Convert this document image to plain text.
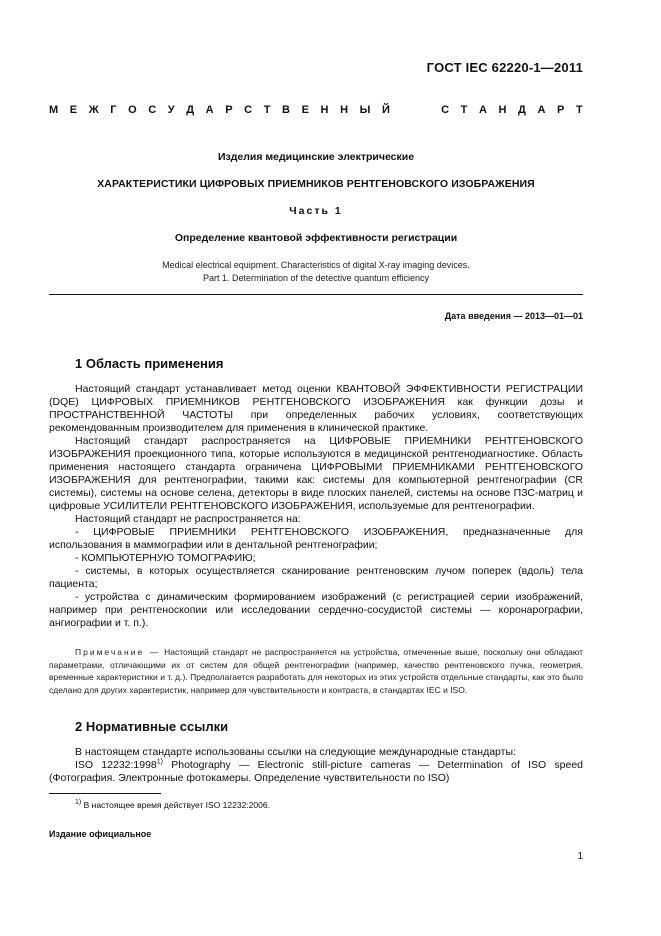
ГОСТ IEC 62220-1—2011
М Е Ж Г О С У Д А Р С Т В Е Н Н Ы Й	С Т А Н Д А Р Т
Изделия медицинские электрические
ХАРАКТЕРИСТИКИ ЦИФРОВЫХ ПРИЕМНИКОВ РЕНТГЕНОВСКОГО ИЗОБРАЖЕНИЯ
Часть 1
Определение квантовой эффективности регистрации
Medical electrical equipment. Characteristics of digital X-ray imaging devices.
Part 1. Determination of the detective quantum efficiency
Дата введения — 2013—01—01
1 Область применения

Настоящий стандарт устанавливает метод оценки КВАНТОВОЙ ЭФФЕКТИВНОСТИ РЕГИСТРАЦИИ (DQE) ЦИФРОВЫХ ПРИЕМНИКОВ РЕНТГЕНОВСКОГО ИЗОБРАЖЕНИЯ как функции дозы и ПРОСТРАНСТВЕННОЙ ЧАСТОТЫ при определенных рабочих условиях, соответствующих рекомендованным производителем для применения в клинической практике.

Настоящий стандарт распространяется на ЦИФРОВЫЕ ПРИЕМНИКИ РЕНТГЕНОВСКОГО ИЗОБРАЖЕНИЯ проекционного типа, которые используются в медицинской рентгенодиагностике. Область применения настоящего стандарта ограничена ЦИФРОВЫМИ ПРИЕМНИКАМИ РЕНТГЕНОВСКОГО ИЗОБРАЖЕНИЯ для рентгенографии, такими как: системы для компьютерной рентгенографии (CR системы), системы на основе селена, детекторы в виде плоских панелей, системы на основе ПЗС-матриц и цифровые УСИЛИТЕЛИ РЕНТГЕНОВСКОГО ИЗОБРАЖЕНИЯ, используемые для рентгенографии.

Настоящий стандарт не распространяется на:

- ЦИФРОВЫЕ ПРИЕМНИКИ РЕНТГЕНОВСКОГО ИЗОБРАЖЕНИЯ, предназначенные для использования в маммографии или в дентальной рентгенографии;

- КОМПЬЮТЕРНУЮ ТОМОГРАФИЮ;

- системы, в которых осуществляется сканирование рентгеновским лучом поперек (вдоль) тела пациента;

- устройства с динамическим формированием изображений (с регистрацией серии изображений, например при рентгеноскопии или исследовании сердечно-сосудистой системы — коронарографии, ангиографии и т. п.).

Примечание — Настоящий стандарт не распространяется на устройства, отмеченные выше, поскольку они обладают параметрами, отличающими их от систем для общей рентгенографии (например, качество рентгеновского пучка, геометрия, временные характеристики и т. д.). Предполагается разработать для некоторых из этих устройств отдельные стандарты, как это было сделано для других характеристик, например для чувствительности и контраста, в стандартах IEC и ISO.

2 Нормативные ссылки

В настоящем стандарте использованы ссылки на следующие международные стандарты:

ISO 12232:1998$^{1)}$ Photography — Electronic still-picture cameras — Determination of ISO speed (Фотография. Электронные фотокамеры. Определение чувствительности по ISO)

$^{1)}$ В настоящее время действует ISO 12232:2006.
Издание официальное
1
